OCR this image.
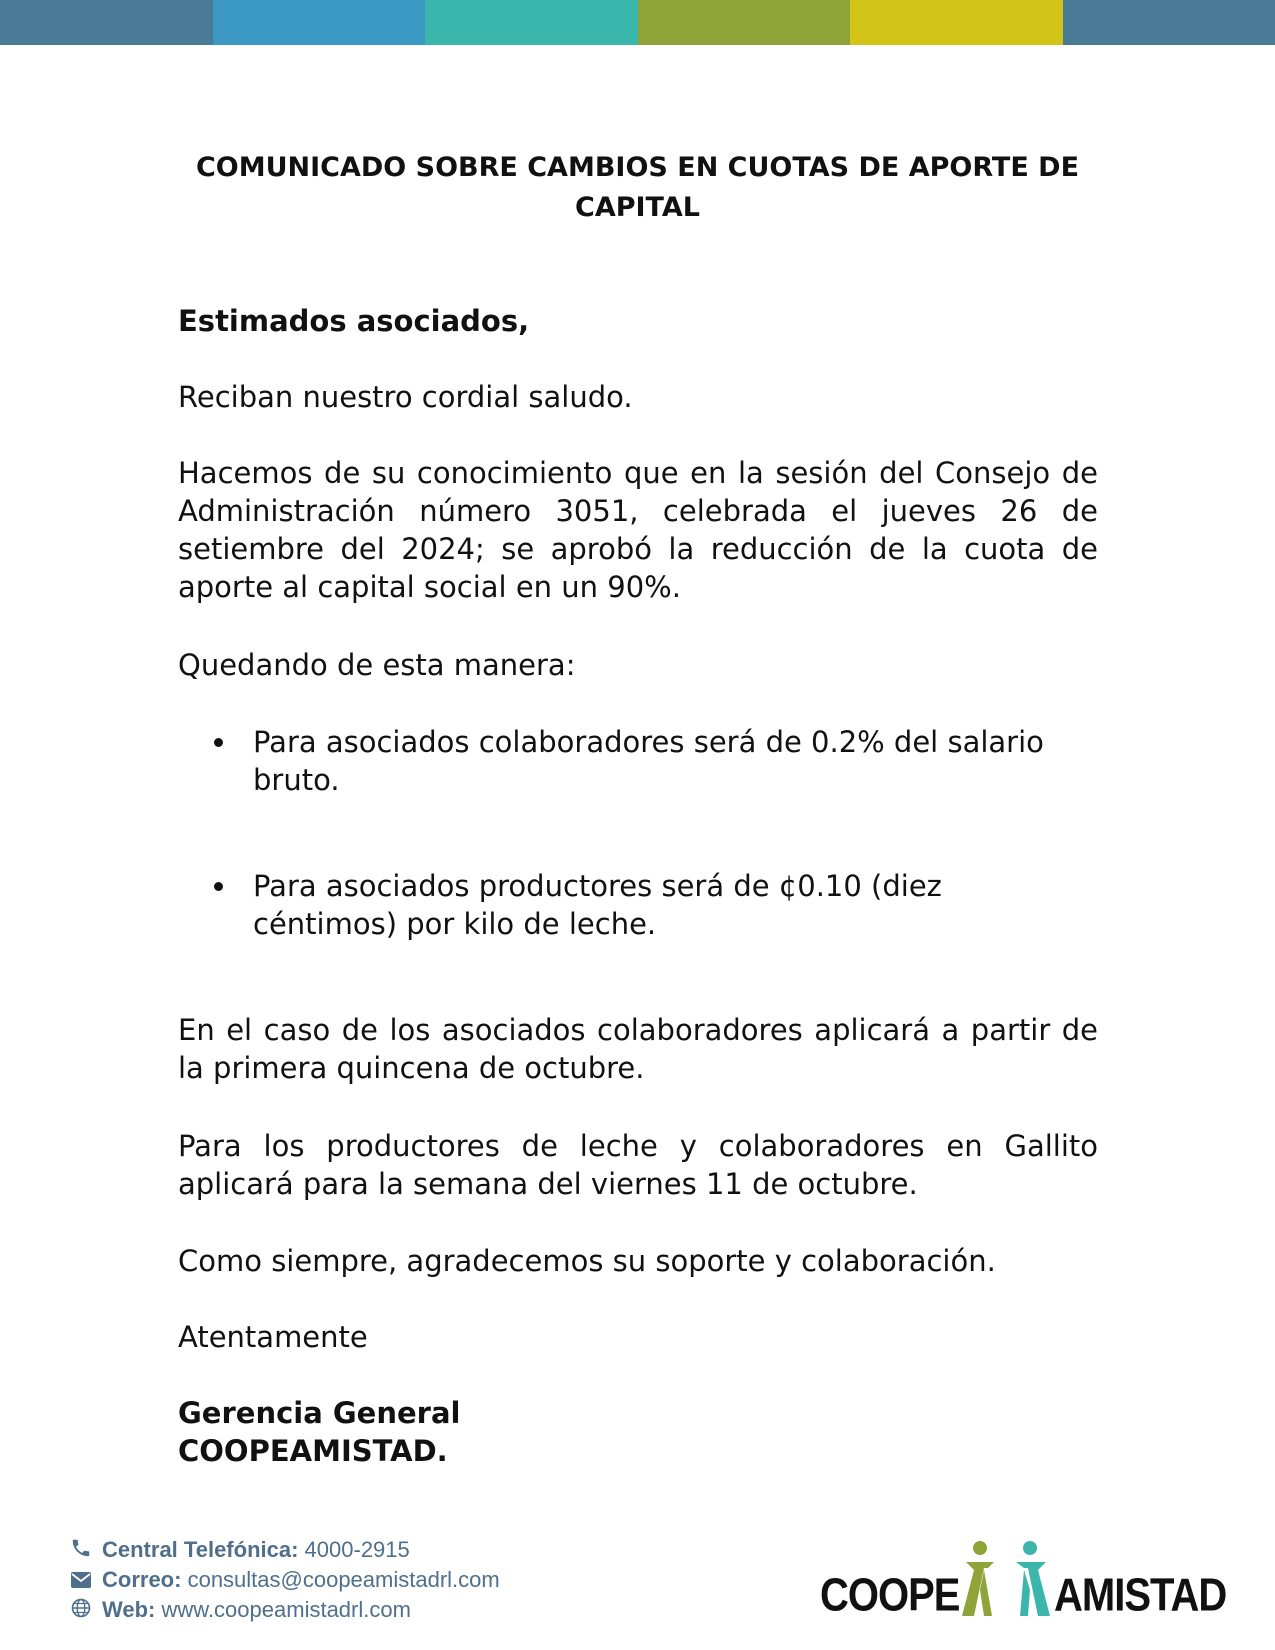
COMUNICADO SOBRE CAMBIOS EN CUOTAS DE APORTE DE CAPITAL
Estimados asociados,
Reciban nuestro cordial saludo.
Hacemos de su conocimiento que en la sesión del Consejo de Administración número 3051, celebrada el jueves 26 de setiembre del 2024; se aprobó la reducción de la cuota de aporte al capital social en un 90%.
Quedando de esta manera:
Para asociados colaboradores será de 0.2% del salario bruto.
Para asociados productores será de ¢0.10 (diez céntimos) por kilo de leche.
En el caso de los asociados colaboradores aplicará a partir de la primera quincena de octubre.
Para los productores de leche y colaboradores en Gallito aplicará para la semana del viernes 11 de octubre.
Como siempre, agradecemos su soporte y colaboración.
Atentamente
Gerencia General
COOPEAMISTAD.
Central Telefónica: 4000-2915
Correo: consultas@coopeamistadrl.com
Web: www.coopeamistadrl.com	COOPE AMISTAD
